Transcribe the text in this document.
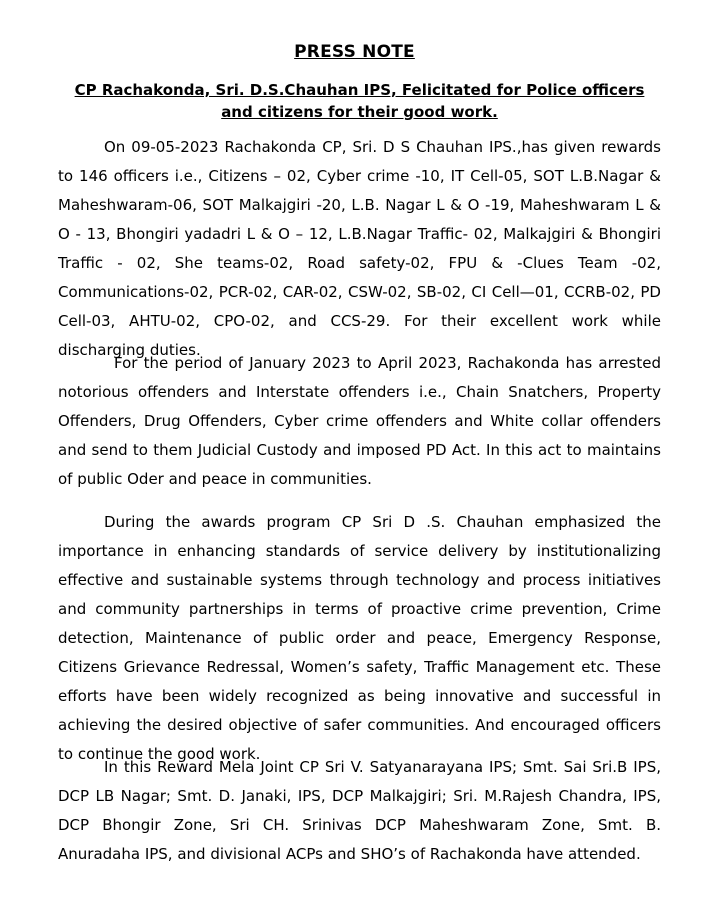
PRESS NOTE
CP Rachakonda, Sri. D.S.Chauhan IPS, Felicitated for Police officers and citizens for their good work.

On 09-05-2023 Rachakonda CP, Sri. D S Chauhan IPS.,has given rewards to 146 officers i.e., Citizens – 02, Cyber crime -10, IT Cell-05, SOT L.B.Nagar & Maheshwaram-06, SOT Malkajgiri -20, L.B. Nagar L & O -19, Maheshwaram L & O - 13, Bhongiri yadadri L & O – 12, L.B.Nagar Traffic- 02, Malkajgiri & Bhongiri Traffic - 02, She teams-02, Road safety-02, FPU & -Clues Team -02, Communications-02, PCR-02, CAR-02, CSW-02, SB-02, CI Cell—01, CCRB-02, PD Cell-03, AHTU-02, CPO-02, and CCS-29. For their excellent work while discharging duties.

For the period of January 2023 to April 2023, Rachakonda has arrested notorious offenders and Interstate offenders i.e., Chain Snatchers, Property Offenders, Drug Offenders, Cyber crime offenders and White collar offenders and send to them Judicial Custody and imposed PD Act. In this act to maintains of public Oder and peace in communities.

During the awards program CP Sri D .S. Chauhan emphasized the importance in enhancing standards of service delivery by institutionalizing effective and sustainable systems through technology and process initiatives and community partnerships in terms of proactive crime prevention, Crime detection, Maintenance of public order and peace, Emergency Response, Citizens Grievance Redressal, Women’s safety, Traffic Management etc. These efforts have been widely recognized as being innovative and successful in achieving the desired objective of safer communities. And encouraged officers to continue the good work.

In this Reward Mela Joint CP Sri V. Satyanarayana IPS; Smt. Sai Sri.B IPS, DCP LB Nagar; Smt. D. Janaki, IPS, DCP Malkajgiri; Sri. M.Rajesh Chandra, IPS, DCP Bhongir Zone, Sri CH. Srinivas DCP Maheshwaram Zone, Smt. B. Anuradaha IPS, and divisional ACPs and SHO’s of Rachakonda have attended.
